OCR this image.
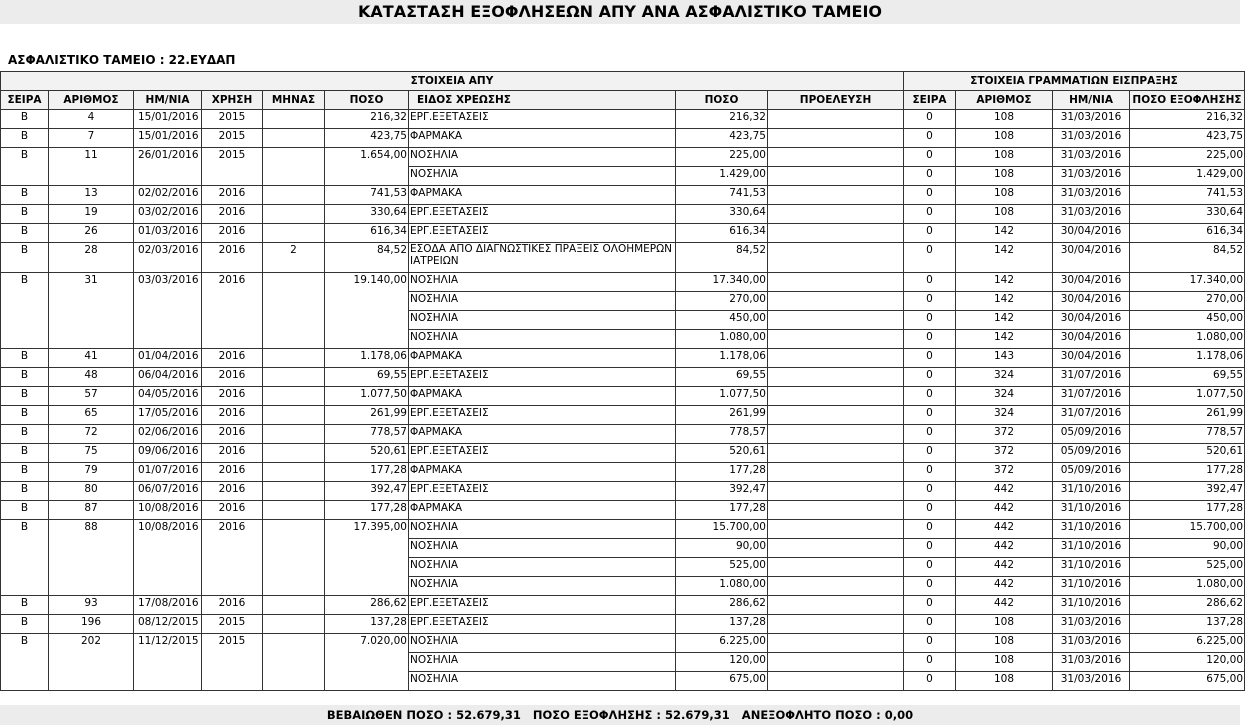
ΚΑΤΑΣΤΑΣΗ ΕΞΟΦΛΗΣΕΩΝ ΑΠΥ ΑΝΑ ΑΣΦΑΛΙΣΤΙΚΟ ΤΑΜΕΙΟ
ΑΣΦΑΛΙΣΤΙΚΟ ΤΑΜΕΙΟ : 22.ΕΥΔΑΠ
ΣΤΟΙΧΕΙΑ ΑΠΥ									ΣΤΟΙΧΕΙΑ ΓΡΑΜΜΑΤΙΩΝ ΕΙΣΠΡΑΞΗΣ			
ΣΕΙΡΑ	ΑΡΙΘΜΟΣ	ΗΜ/ΝΙΑ	ΧΡΗΣΗ	ΜΗΝΑΣ	ΠΟΣΟ	ΕΙΔΟΣ ΧΡΕΩΣΗΣ	ΠΟΣΟ	ΠΡΟΕΛΕΥΣΗ	ΣΕΙΡΑ	ΑΡΙΘΜΟΣ	ΗΜ/ΝΙΑ	ΠΟΣΟ ΕΞΟΦΛΗΣΗΣ
B	4	15/01/2016	2015		216,32	ΕΡΓ.ΕΞΕΤΑΣΕΙΣ	216,32		0	108	31/03/2016	216,32
B	7	15/01/2016	2015		423,75	ΦΑΡΜΑΚΑ	423,75		0	108	31/03/2016	423,75
B	11	26/01/2016	2015		1.654,00	ΝΟΣΗΛΙΑ	225,00		0	108	31/03/2016	225,00
						ΝΟΣΗΛΙΑ	1.429,00		0	108	31/03/2016	1.429,00
B	13	02/02/2016	2016		741,53	ΦΑΡΜΑΚΑ	741,53		0	108	31/03/2016	741,53
B	19	03/02/2016	2016		330,64	ΕΡΓ.ΕΞΕΤΑΣΕΙΣ	330,64		0	108	31/03/2016	330,64
B	26	01/03/2016	2016		616,34	ΕΡΓ.ΕΞΕΤΑΣΕΙΣ	616,34		0	142	30/04/2016	616,34
B	28	02/03/2016	2016	2	84,52	ΕΣΟΔΑ ΑΠΟ ΔΙΑΓΝΩΣΤΙΚΕΣ ΠΡΑΞΕΙΣ ΟΛΟΗΜΕΡΩΝ ΙΑΤΡΕΙΩΝ	84,52		0	142	30/04/2016	84,52
B	31	03/03/2016	2016		19.140,00	ΝΟΣΗΛΙΑ	17.340,00		0	142	30/04/2016	17.340,00
						ΝΟΣΗΛΙΑ	270,00		0	142	30/04/2016	270,00
						ΝΟΣΗΛΙΑ	450,00		0	142	30/04/2016	450,00
						ΝΟΣΗΛΙΑ	1.080,00		0	142	30/04/2016	1.080,00
B	41	01/04/2016	2016		1.178,06	ΦΑΡΜΑΚΑ	1.178,06		0	143	30/04/2016	1.178,06
B	48	06/04/2016	2016		69,55	ΕΡΓ.ΕΞΕΤΑΣΕΙΣ	69,55		0	324	31/07/2016	69,55
B	57	04/05/2016	2016		1.077,50	ΦΑΡΜΑΚΑ	1.077,50		0	324	31/07/2016	1.077,50
B	65	17/05/2016	2016		261,99	ΕΡΓ.ΕΞΕΤΑΣΕΙΣ	261,99		0	324	31/07/2016	261,99
B	72	02/06/2016	2016		778,57	ΦΑΡΜΑΚΑ	778,57		0	372	05/09/2016	778,57
B	75	09/06/2016	2016		520,61	ΕΡΓ.ΕΞΕΤΑΣΕΙΣ	520,61		0	372	05/09/2016	520,61
B	79	01/07/2016	2016		177,28	ΦΑΡΜΑΚΑ	177,28		0	372	05/09/2016	177,28
B	80	06/07/2016	2016		392,47	ΕΡΓ.ΕΞΕΤΑΣΕΙΣ	392,47		0	442	31/10/2016	392,47
B	87	10/08/2016	2016		177,28	ΦΑΡΜΑΚΑ	177,28		0	442	31/10/2016	177,28
B	88	10/08/2016	2016		17.395,00	ΝΟΣΗΛΙΑ	15.700,00		0	442	31/10/2016	15.700,00
						ΝΟΣΗΛΙΑ	90,00		0	442	31/10/2016	90,00
						ΝΟΣΗΛΙΑ	525,00		0	442	31/10/2016	525,00
						ΝΟΣΗΛΙΑ	1.080,00		0	442	31/10/2016	1.080,00
B	93	17/08/2016	2016		286,62	ΕΡΓ.ΕΞΕΤΑΣΕΙΣ	286,62		0	442	31/10/2016	286,62
B	196	08/12/2015	2015		137,28	ΕΡΓ.ΕΞΕΤΑΣΕΙΣ	137,28		0	108	31/03/2016	137,28
B	202	11/12/2015	2015		7.020,00	ΝΟΣΗΛΙΑ	6.225,00		0	108	31/03/2016	6.225,00
						ΝΟΣΗΛΙΑ	120,00		0	108	31/03/2016	120,00
						ΝΟΣΗΛΙΑ	675,00		0	108	31/03/2016	675,00
ΒΕΒΑΙΩΘΕΝ ΠΟΣΟ : 52.679,31 ΠΟΣΟ ΕΞΟΦΛΗΣΗΣ : 52.679,31 ΑΝΕΞΟΦΛΗΤΟ ΠΟΣΟ : 0,00
